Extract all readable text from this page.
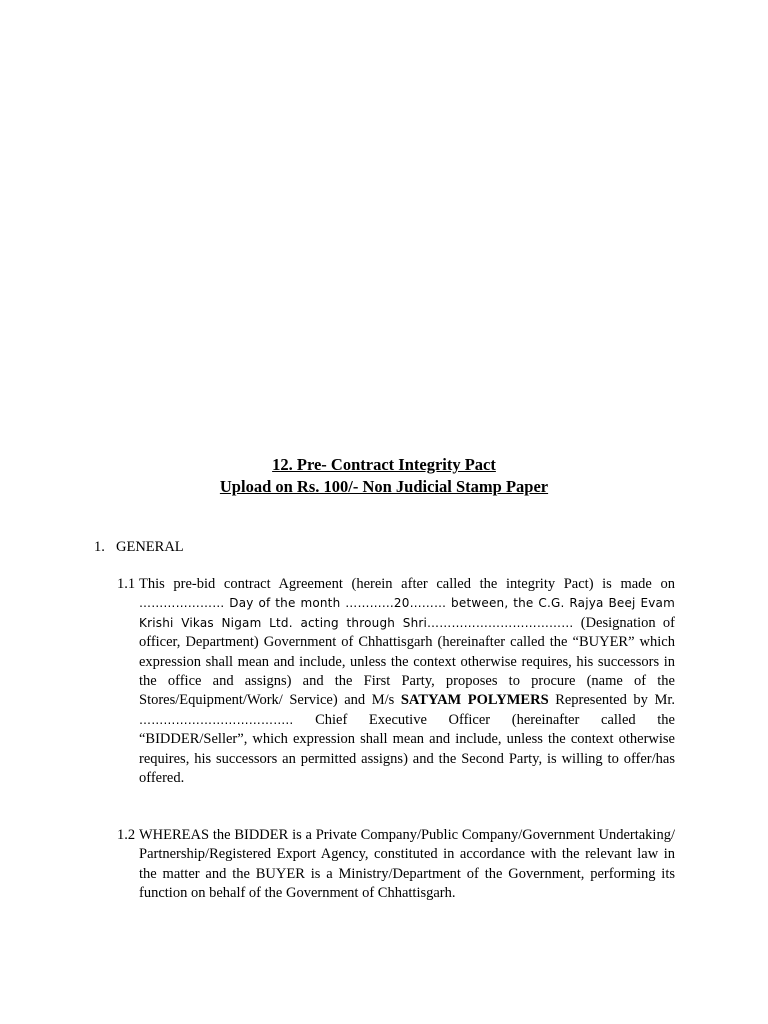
12. Pre- Contract Integrity Pact
Upload on Rs. 100/- Non Judicial Stamp Paper
1. GENERAL
1.1 This pre-bid contract Agreement (herein after called the integrity Pact) is made on ………………… Day of the month ………...20……… between, the C.G. Rajya Beej Evam Krishi Vikas Nigam Ltd. acting through Shri……………………………… (Designation of officer, Department) Government of Chhattisgarh (hereinafter called the “BUYER” which expression shall mean and include, unless the context otherwise requires, his successors in the office and assigns) and the First Party, proposes to procure (name of the Stores/Equipment/Work/ Service) and M/s SATYAM POLYMERS Represented by Mr. ……………………………….. Chief Executive Officer (hereinafter called the “BIDDER/Seller”, which expression shall mean and include, unless the context otherwise requires, his successors an permitted assigns) and the Second Party, is willing to offer/has offered.
1.2 WHEREAS the BIDDER is a Private Company/Public Company/Government Undertaking/ Partnership/Registered Export Agency, constituted in accordance with the relevant law in the matter and the BUYER is a Ministry/Department of the Government, performing its function on behalf of the Government of Chhattisgarh.
